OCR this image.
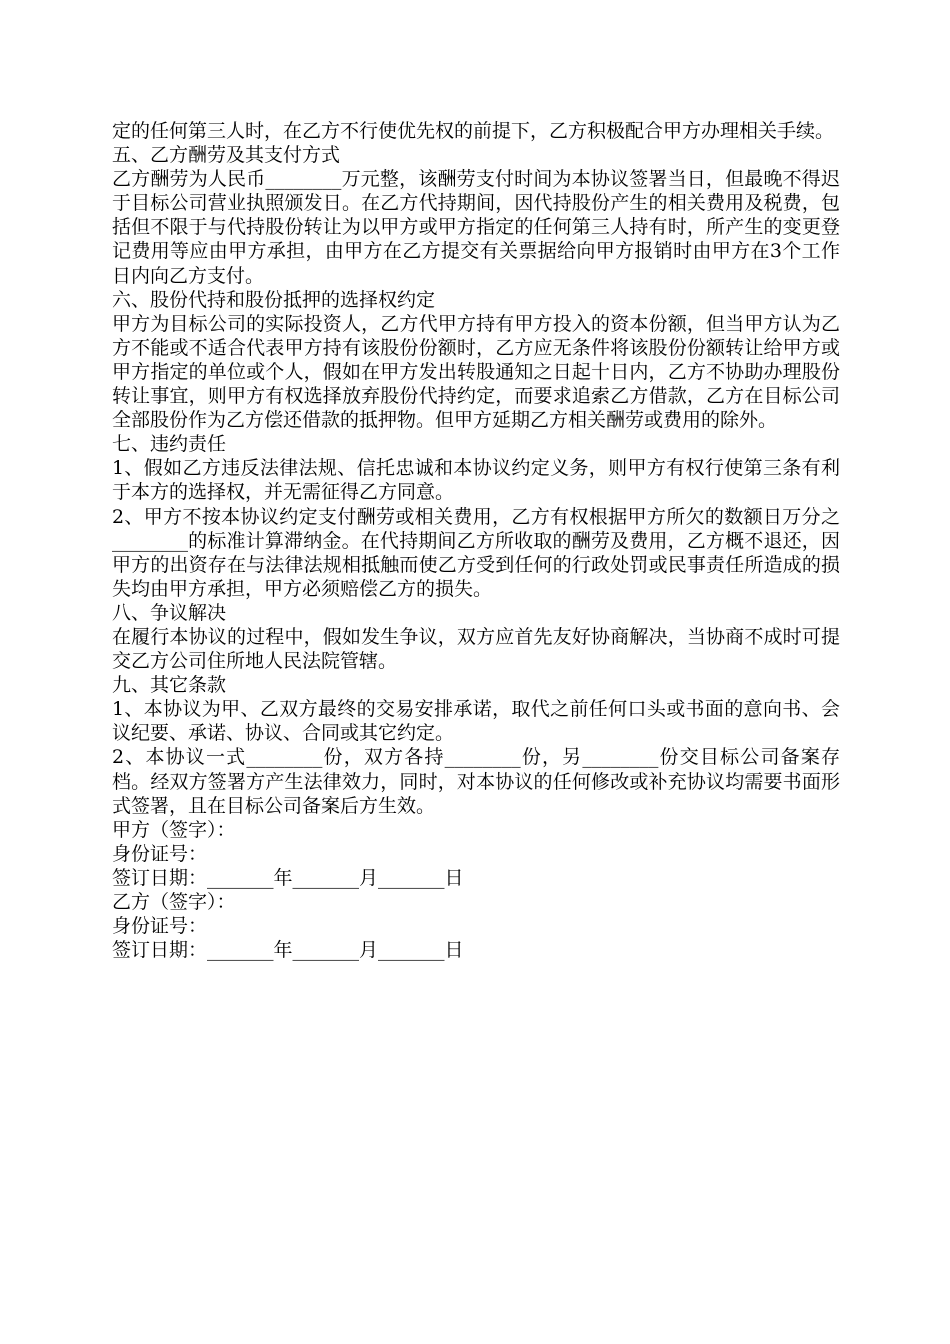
定的任何第三人时，在乙方不行使优先权的前提下，乙方积极配合甲方办理相关手续。

五、乙方酬劳及其支付方式

乙方酬劳为人民币________万元整，该酬劳支付时间为本协议签署当日，但最晚不得迟于目标公司营业执照颁发日。在乙方代持期间，因代持股份产生的相关费用及税费，包括但不限于与代持股份转让为以甲方或甲方指定的任何第三人持有时，所产生的变更登记费用等应由甲方承担，由甲方在乙方提交有关票据给向甲方报销时由甲方在3个工作日内向乙方支付。

六、股份代持和股份抵押的选择权约定

甲方为目标公司的实际投资人，乙方代甲方持有甲方投入的资本份额，但当甲方认为乙方不能或不适合代表甲方持有该股份份额时，乙方应无条件将该股份份额转让给甲方或甲方指定的单位或个人，假如在甲方发出转股通知之日起十日内，乙方不协助办理股份转让事宜，则甲方有权选择放弃股份代持约定，而要求追索乙方借款，乙方在目标公司全部股份作为乙方偿还借款的抵押物。但甲方延期乙方相关酬劳或费用的除外。

七、违约责任

1、假如乙方违反法律法规、信托忠诚和本协议约定义务，则甲方有权行使第三条有利于本方的选择权，并无需征得乙方同意。

2、甲方不按本协议约定支付酬劳或相关费用，乙方有权根据甲方所欠的数额日万分之________的标准计算滞纳金。在代持期间乙方所收取的酬劳及费用，乙方概不退还，因甲方的出资存在与法律法规相抵触而使乙方受到任何的行政处罚或民事责任所造成的损失均由甲方承担，甲方必须赔偿乙方的损失。

八、争议解决

在履行本协议的过程中，假如发生争议，双方应首先友好协商解决，当协商不成时可提交乙方公司住所地人民法院管辖。

九、其它条款

1、本协议为甲、乙双方最终的交易安排承诺，取代之前任何口头或书面的意向书、会议纪要、承诺、协议、合同或其它约定。

2、本协议一式________份，双方各持________份，另________份交目标公司备案存档。经双方签署方产生法律效力，同时，对本协议的任何修改或补充协议均需要书面形式签署，且在目标公司备案后方生效。

甲方（签字）：

身份证号：

签订日期：_______年_______月_______日

乙方（签字）：

身份证号：

签订日期：_______年_______月_______日
